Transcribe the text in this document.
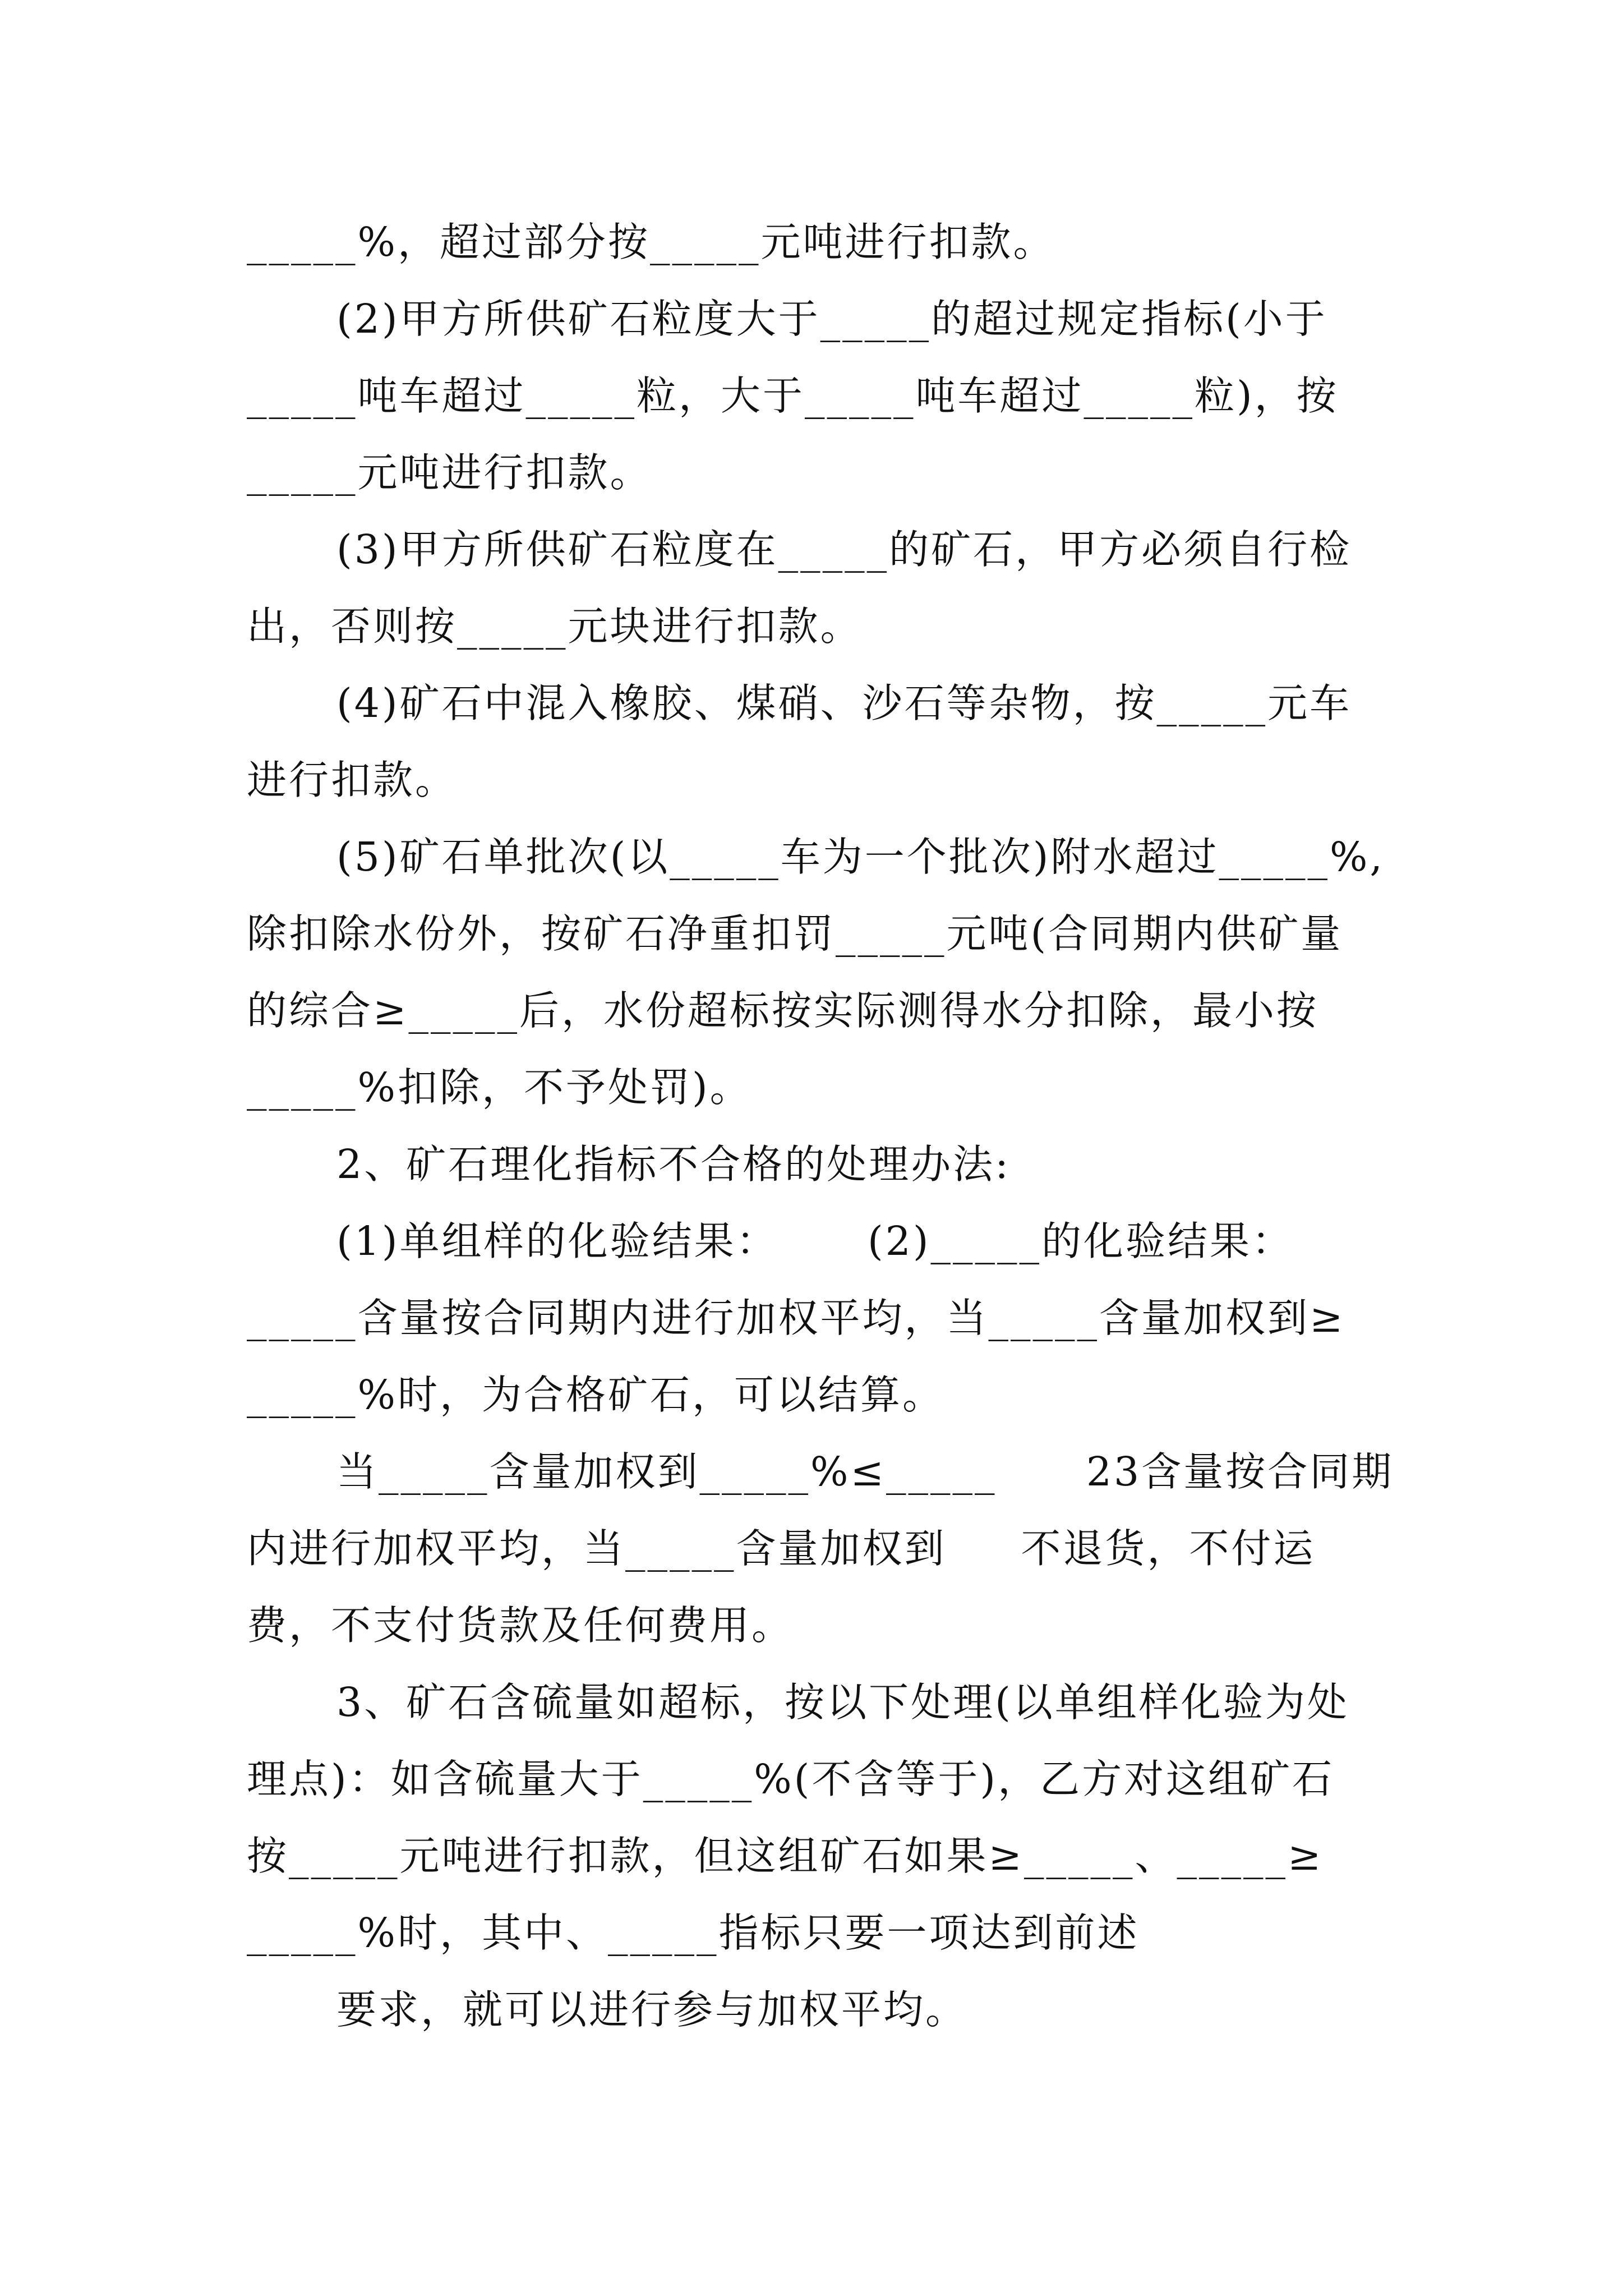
_____%，超过部分按_____元吨进行扣款。

(2)甲方所供矿石粒度大于_____的超过规定指标(小于

_____吨车超过_____粒，大于_____吨车超过_____粒)，按

_____元吨进行扣款。

(3)甲方所供矿石粒度在_____的矿石，甲方必须自行检

出，否则按_____元块进行扣款。

(4)矿石中混入橡胶、煤硝、沙石等杂物，按_____元车

进行扣款。

(5)矿石单批次(以_____车为一个批次)附水超过_____%,

除扣除水份外，按矿石净重扣罚_____元吨(合同期内供矿量

的综合≥_____后，水份超标按实际测得水分扣除，最小按

_____%扣除，不予处罚)。

2、矿石理化指标不合格的处理办法:

(1)单组样的化验结果：      (2)_____的化验结果：

_____含量按合同期内进行加权平均，当_____含量加权到≥

_____%时，为合格矿石，可以结算。

当_____含量加权到_____%≤_____      23含量按合同期

内进行加权平均，当_____含量加权到     不退货，不付运

费，不支付货款及任何费用。

3、矿石含硫量如超标，按以下处理(以单组样化验为处

理点)：如含硫量大于_____%(不含等于)，乙方对这组矿石

按_____元吨进行扣款，但这组矿石如果≥_____、_____≥

_____%时，其中、_____指标只要一项达到前述

要求，就可以进行参与加权平均。
